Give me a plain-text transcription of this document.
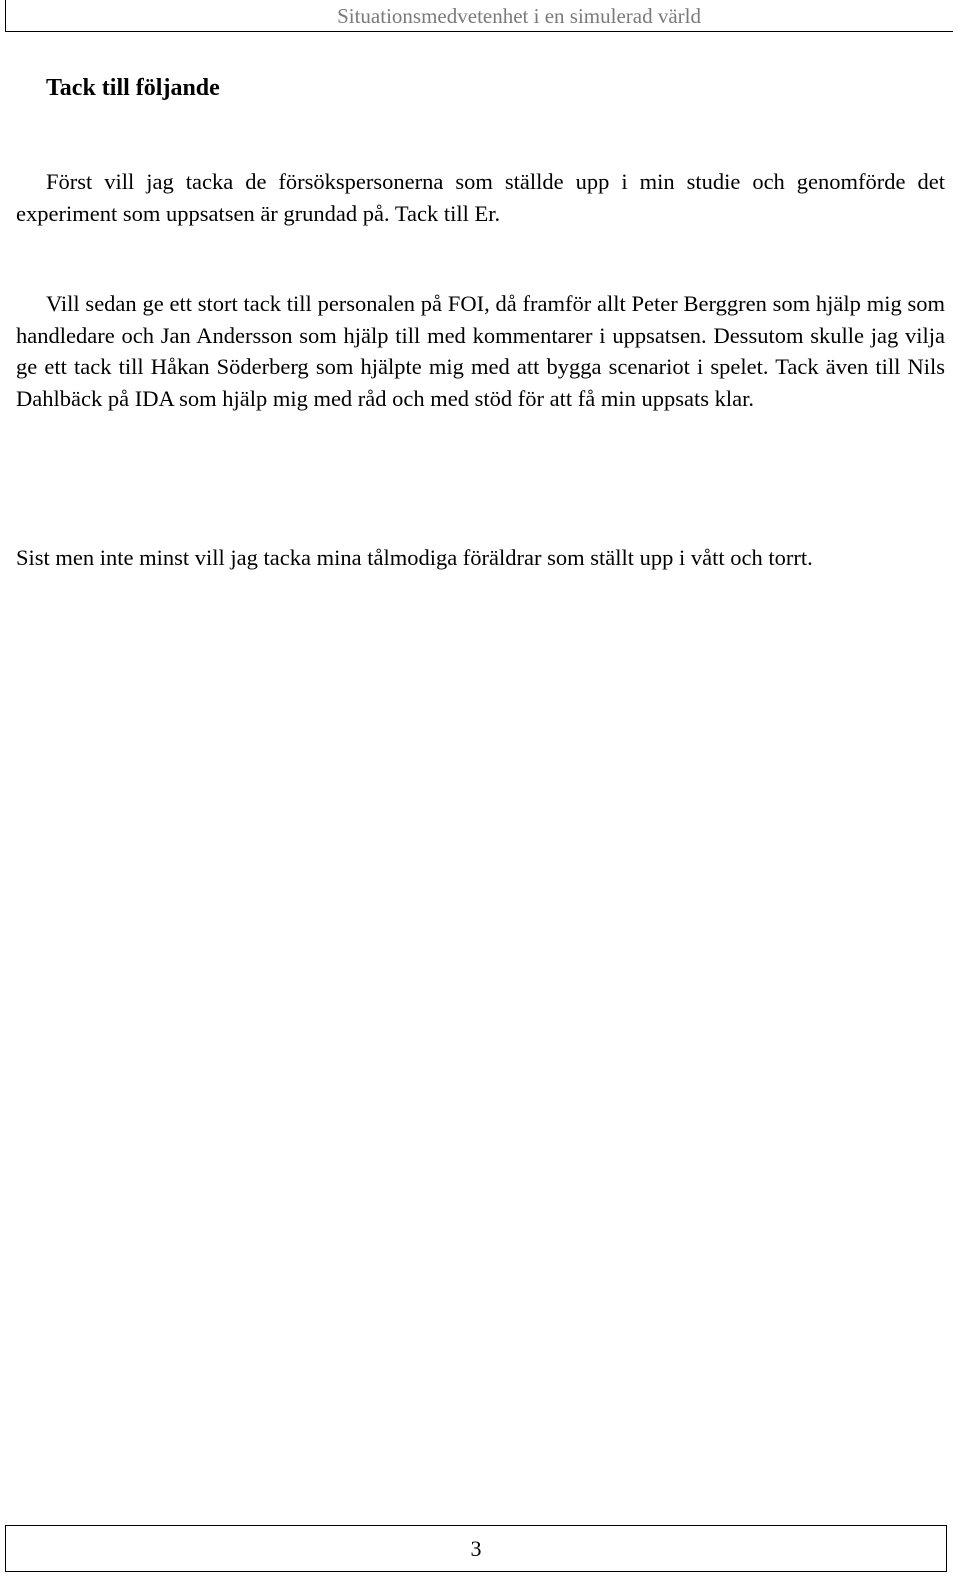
Situationsmedvetenhet i en simulerad värld
Tack till följande

Först vill jag tacka de försökspersonerna som ställde upp i min studie och genomförde det experiment som uppsatsen är grundad på. Tack till Er.

Vill sedan ge ett stort tack till personalen på FOI, då framför allt Peter Berggren som hjälp mig som handledare och Jan Andersson som hjälp till med kommentarer i uppsatsen. Dessutom skulle jag vilja ge ett tack till Håkan Söderberg som hjälpte mig med att bygga scenariot i spelet. Tack även till Nils Dahlbäck på IDA som hjälp mig med råd och med stöd för att få min uppsats klar.

Sist men inte minst vill jag tacka mina tålmodiga föräldrar som ställt upp i vått och torrt.

3
